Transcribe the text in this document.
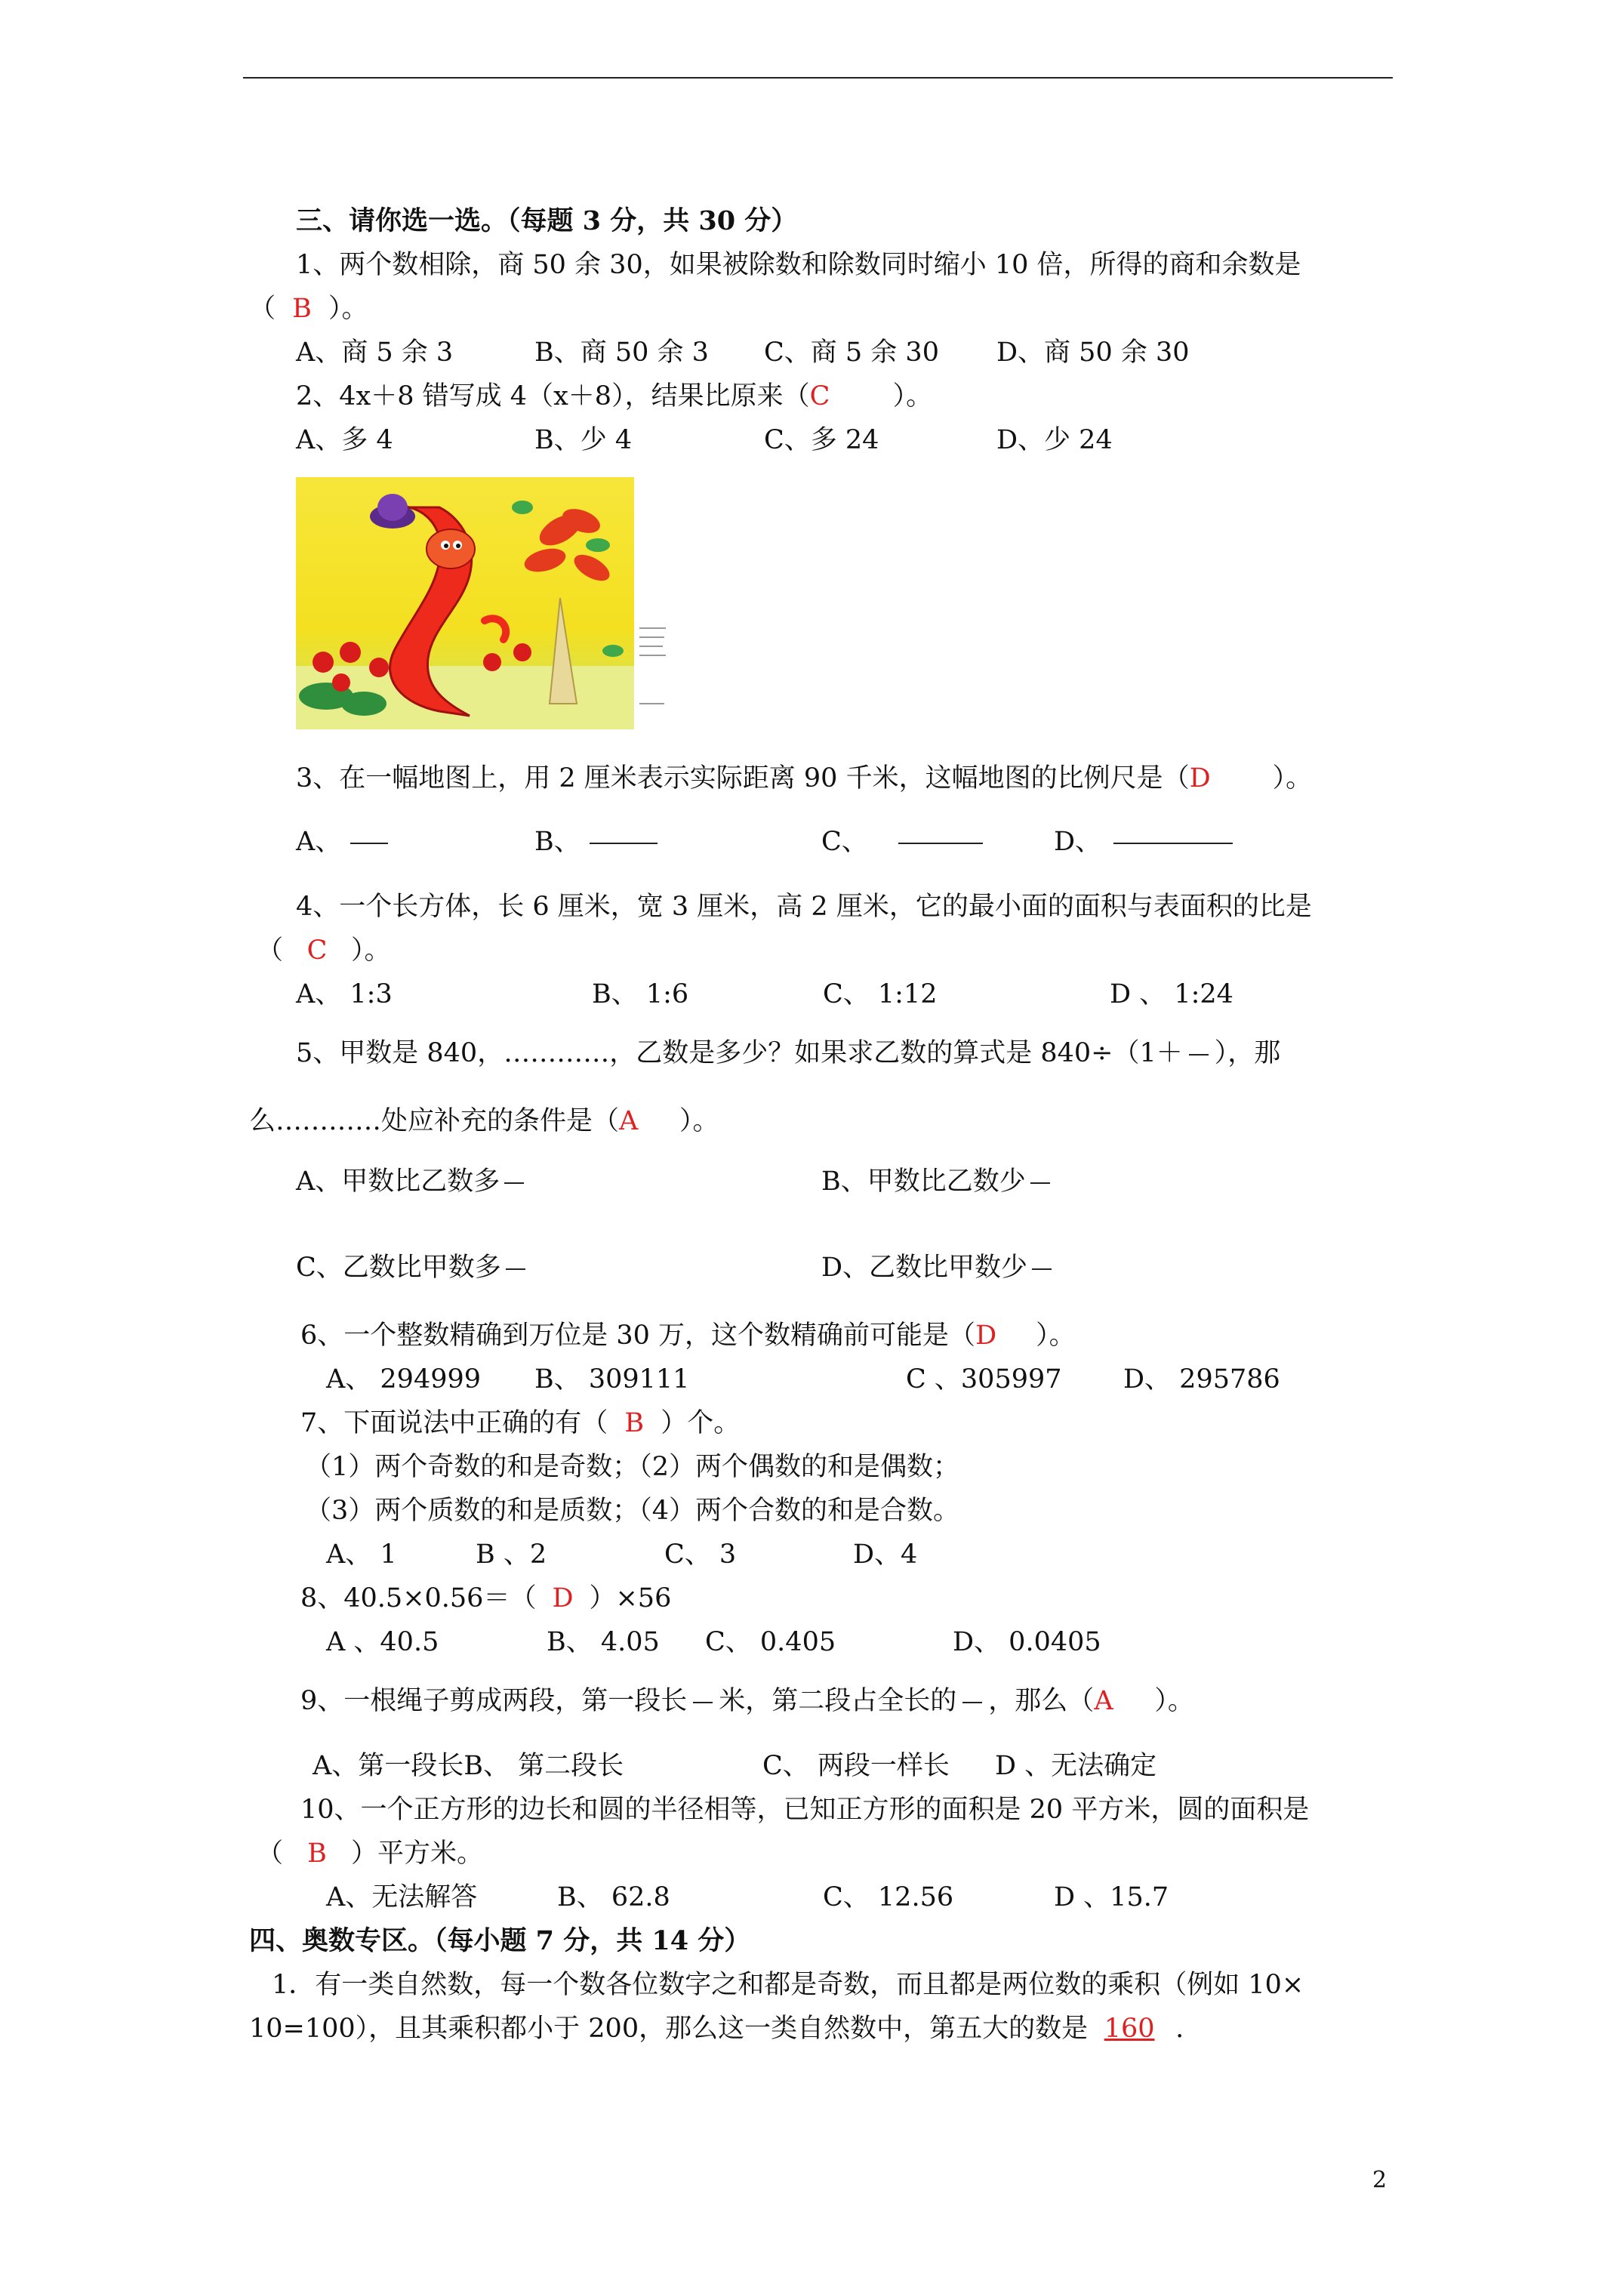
三、请你选一选。（每题 3 分，共 30 分）
1、两个数相除，商 50 余 30，如果被除数和除数同时缩小 10 倍，所得的商和余数是
（ B ）。
A、商 5 余 3	B、商 50 余 3 C、商 5 余 30 D、商 50 余 30
2、4x＋8 错写成 4（x＋8），结果比原来（C ）。
A、多 4	B、少 4	C、多 24	D、少 24
3、在一幅地图上，用 2 厘米表示实际距离 90 千米，这幅地图的比例尺是（D ）。
A、	B、	C、	D、
4、一个长方体，长 6 厘米，宽 3 厘米，高 2 厘米，它的最小面的面积与表面积的比是
（ C ）。
A、 1:3	B、 1:6	C、 1:12	D 、 1:24
5、甲数是 840，…………，乙数是多少？如果求乙数的算式是 840÷（1＋ ），那
么…………处应补充的条件是（A ）。
A、甲数比乙数多	B、甲数比乙数少
C、乙数比甲数多	D、乙数比甲数少
6、一个整数精确到万位是 30 万，这个数精确前可能是（D ）。
A、 294999 B、 309111	C 、305997 D、 295786
7、下面说法中正确的有（ B ）个。
（1）两个奇数的和是奇数；（2）两个偶数的和是偶数；
（3）两个质数的和是质数；（4）两个合数的和是合数。
A、 1	B 、2	C、 3	D、4
8、40.5×0.56＝（ D ）×56
A 、40.5	B、 4.05 C、 0.405	D、 0.0405
9、一根绳子剪成两段，第一段长 米，第二段占全长的 ，那么（A ）。
A、第一段长B、 第二段长	C、 两段一样长 D 、无法确定
10、一个正方形的边长和圆的半径相等，已知正方形的面积是 20 平方米，圆的面积是
（ B ）平方米。
A、无法解答	B、 62.8	C、 12.56	D 、15.7
四、奥数专区。（每小题 7 分，共 14 分）
1．有一类自然数，每一个数各位数字之和都是奇数，而且都是两位数的乘积（例如 10×
10=100），且其乘积都小于 200，那么这一类自然数中，第五大的数是 160 .
2
